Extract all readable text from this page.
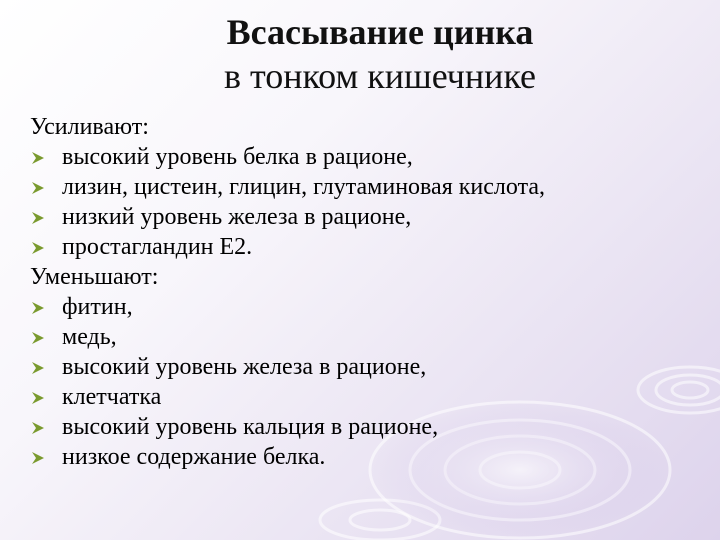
Всасывание цинка
в тонком кишечнике
Усиливают:
высокий уровень белка в рационе,
лизин, цистеин, глицин, глутаминовая кислота,
низкий уровень железа в рационе,
простагландин Е2.
Уменьшают:
фитин,
медь,
высокий уровень железа в рационе,
клетчатка
высокий уровень кальция в рационе,
низкое содержание белка.
